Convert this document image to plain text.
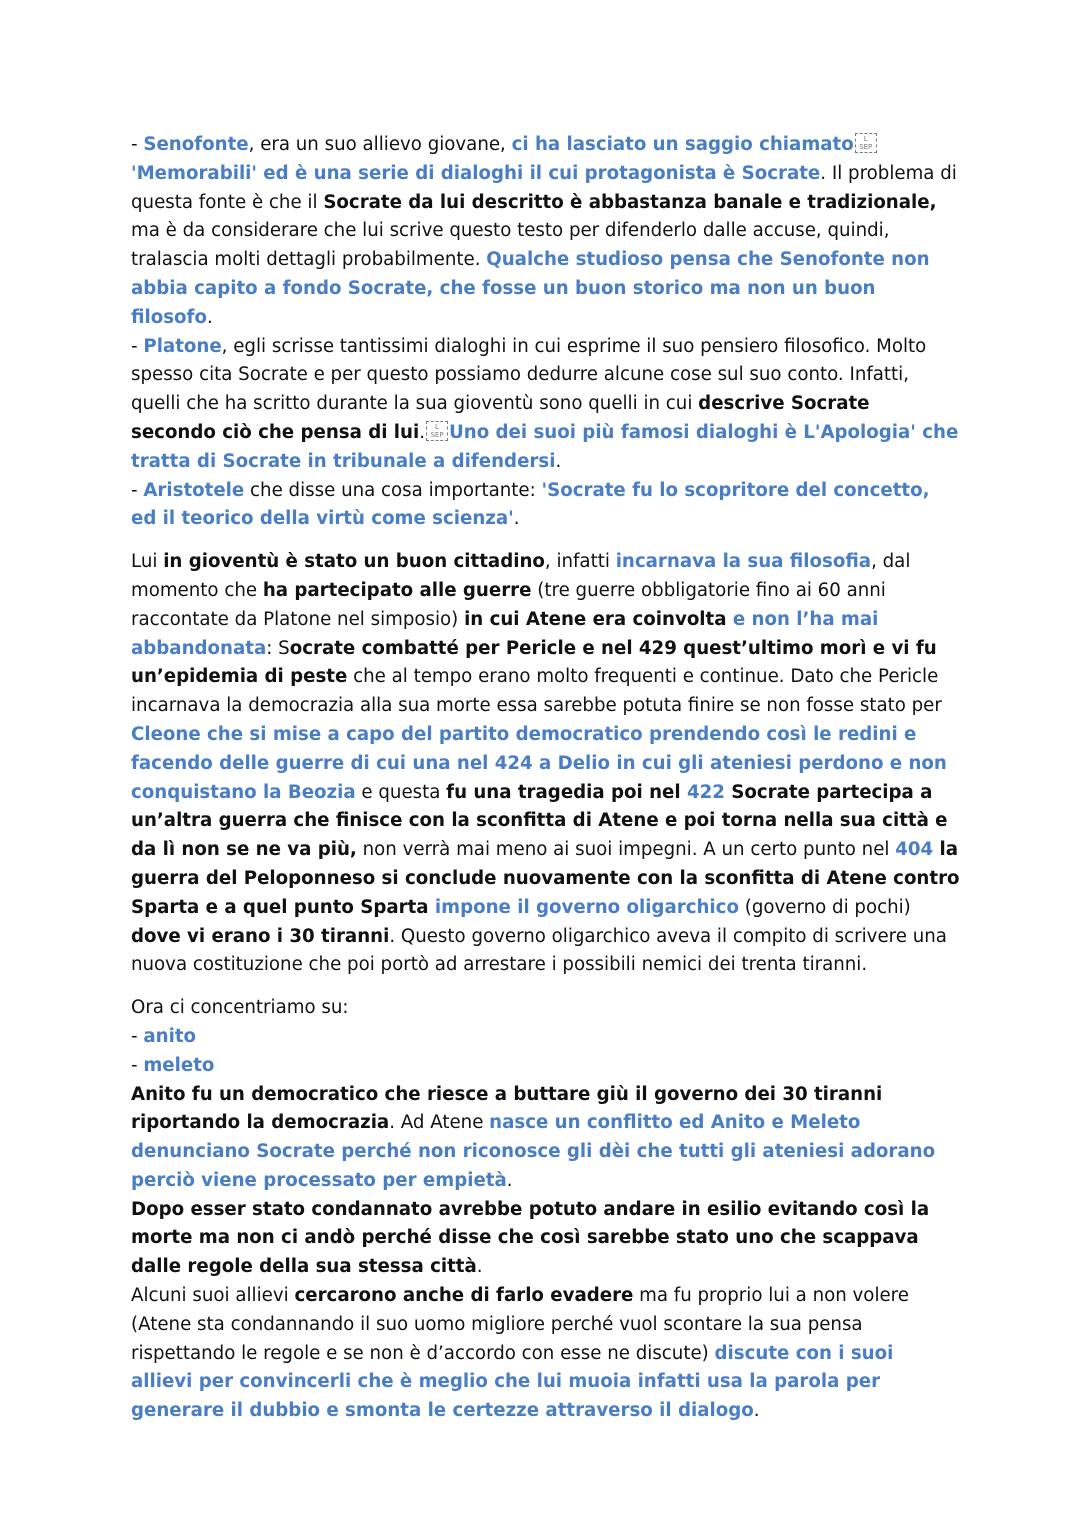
- Senofonte, era un suo allievo giovane, ci ha lasciato un saggio chiamato L
SEP'Memorabili' ed è una serie di dialoghi il cui protagonista è Socrate. Il problema di questa fonte è che il Socrate da lui descritto è abbastanza banale e tradizionale, ma è da considerare che lui scrive questo testo per difenderlo dalle accuse, quindi, tralascia molti dettagli probabilmente. Qualche studioso pensa che Senofonte non abbia capito a fondo Socrate, che fosse un buon storico ma non un buon filosofo.

- Platone, egli scrisse tantissimi dialoghi in cui esprime il suo pensiero filosofico. Molto spesso cita Socrate e per questo possiamo dedurre alcune cose sul suo conto. Infatti, quelli che ha scritto durante la sua gioventù sono quelli in cui descrive Socrate secondo ciò che pensa di lui. L
SEP Uno dei suoi più famosi dialoghi è L'Apologia' che tratta di Socrate in tribunale a difendersi.

- Aristotele che disse una cosa importante: 'Socrate fu lo scopritore del concetto, ed il teorico della virtù come scienza'.

Lui in gioventù è stato un buon cittadino, infatti incarnava la sua filosofia, dal momento che ha partecipato alle guerre (tre guerre obbligatorie fino ai 60 anni raccontate da Platone nel simposio) in cui Atene era coinvolta e non l’ha mai abbandonata: Socrate combatté per Pericle e nel 429 quest’ultimo morì e vi fu un’epidemia di peste che al tempo erano molto frequenti e continue. Dato che Pericle incarnava la democrazia alla sua morte essa sarebbe potuta finire se non fosse stato per Cleone che si mise a capo del partito democratico prendendo così le redini e facendo delle guerre di cui una nel 424 a Delio in cui gli ateniesi perdono e non conquistano la Beozia e questa fu una tragedia poi nel 422 Socrate partecipa a un’altra guerra che finisce con la sconfitta di Atene e poi torna nella sua città e da lì non se ne va più, non verrà mai meno ai suoi impegni. A un certo punto nel 404 la guerra del Peloponneso si conclude nuovamente con la sconfitta di Atene contro Sparta e a quel punto Sparta impone il governo oligarchico (governo di pochi) dove vi erano i 30 tiranni. Questo governo oligarchico aveva il compito di scrivere una nuova costituzione che poi portò ad arrestare i possibili nemici dei trenta tiranni.

Ora ci concentriamo su:

- anito

- meleto

Anito fu un democratico che riesce a buttare giù il governo dei 30 tiranni riportando la democrazia. Ad Atene nasce un conflitto ed Anito e Meleto denunciano Socrate perché non riconosce gli dèi che tutti gli ateniesi adorano perciò viene processato per empietà.

Dopo esser stato condannato avrebbe potuto andare in esilio evitando così la morte ma non ci andò perché disse che così sarebbe stato uno che scappava dalle regole della sua stessa città.

Alcuni suoi allievi cercarono anche di farlo evadere ma fu proprio lui a non volere (Atene sta condannando il suo uomo migliore perché vuol scontare la sua pensa rispettando le regole e se non è d’accordo con esse ne discute) discute con i suoi allievi per convincerli che è meglio che lui muoia infatti usa la parola per generare il dubbio e smonta le certezze attraverso il dialogo.
